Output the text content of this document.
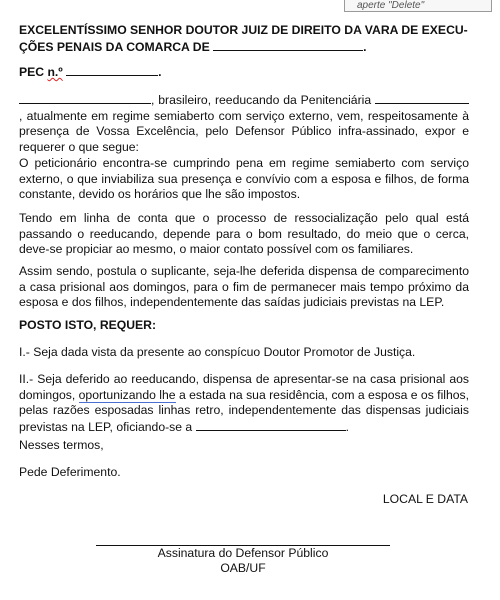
aperte "Delete"
EXCELENTÍSSIMO SENHOR DOUTOR JUIZ DE DIREITO DA VARA DE EXECU-
ÇÕES PENAIS DA COMARCA DE	.
PEC n.º	.
, brasileiro, reeducando da Penitenciária , atualmente em regime semiaberto com serviço externo, vem, respeitosamente à presença de Vossa Excelência, pelo Defensor Público infra-assinado, expor e requerer o que segue:
O peticionário encontra-se cumprindo pena em regime semiaberto com serviço externo, o que inviabiliza sua presença e convívio com a esposa e filhos, de forma constante, devido os horários que lhe são impostos.
Tendo em linha de conta que o processo de ressocialização pelo qual está passando o reeducando, depende para o bom resultado, do meio que o cerca, deve-se propiciar ao mesmo, o maior contato possível com os familiares.
Assim sendo, postula o suplicante, seja-lhe deferida dispensa de comparecimento a casa prisional aos domingos, para o fim de permanecer mais tempo próximo da esposa e dos filhos, independentemente das saídas judiciais previstas na LEP.
POSTO ISTO, REQUER:
I.- Seja dada vista da presente ao conspícuo Doutor Promotor de Justiça.
II.- Seja deferido ao reeducando, dispensa de apresentar-se na casa prisional aos domingos, oportunizando lhe a estada na sua residência, com a esposa e os filhos, pelas razões esposadas linhas retro, independentemente das dispensas judiciais previstas na LEP, oficiando-se a	.
Nesses termos,
Pede Deferimento.
LOCAL E DATA
Assinatura do Defensor Público
OAB/UF
